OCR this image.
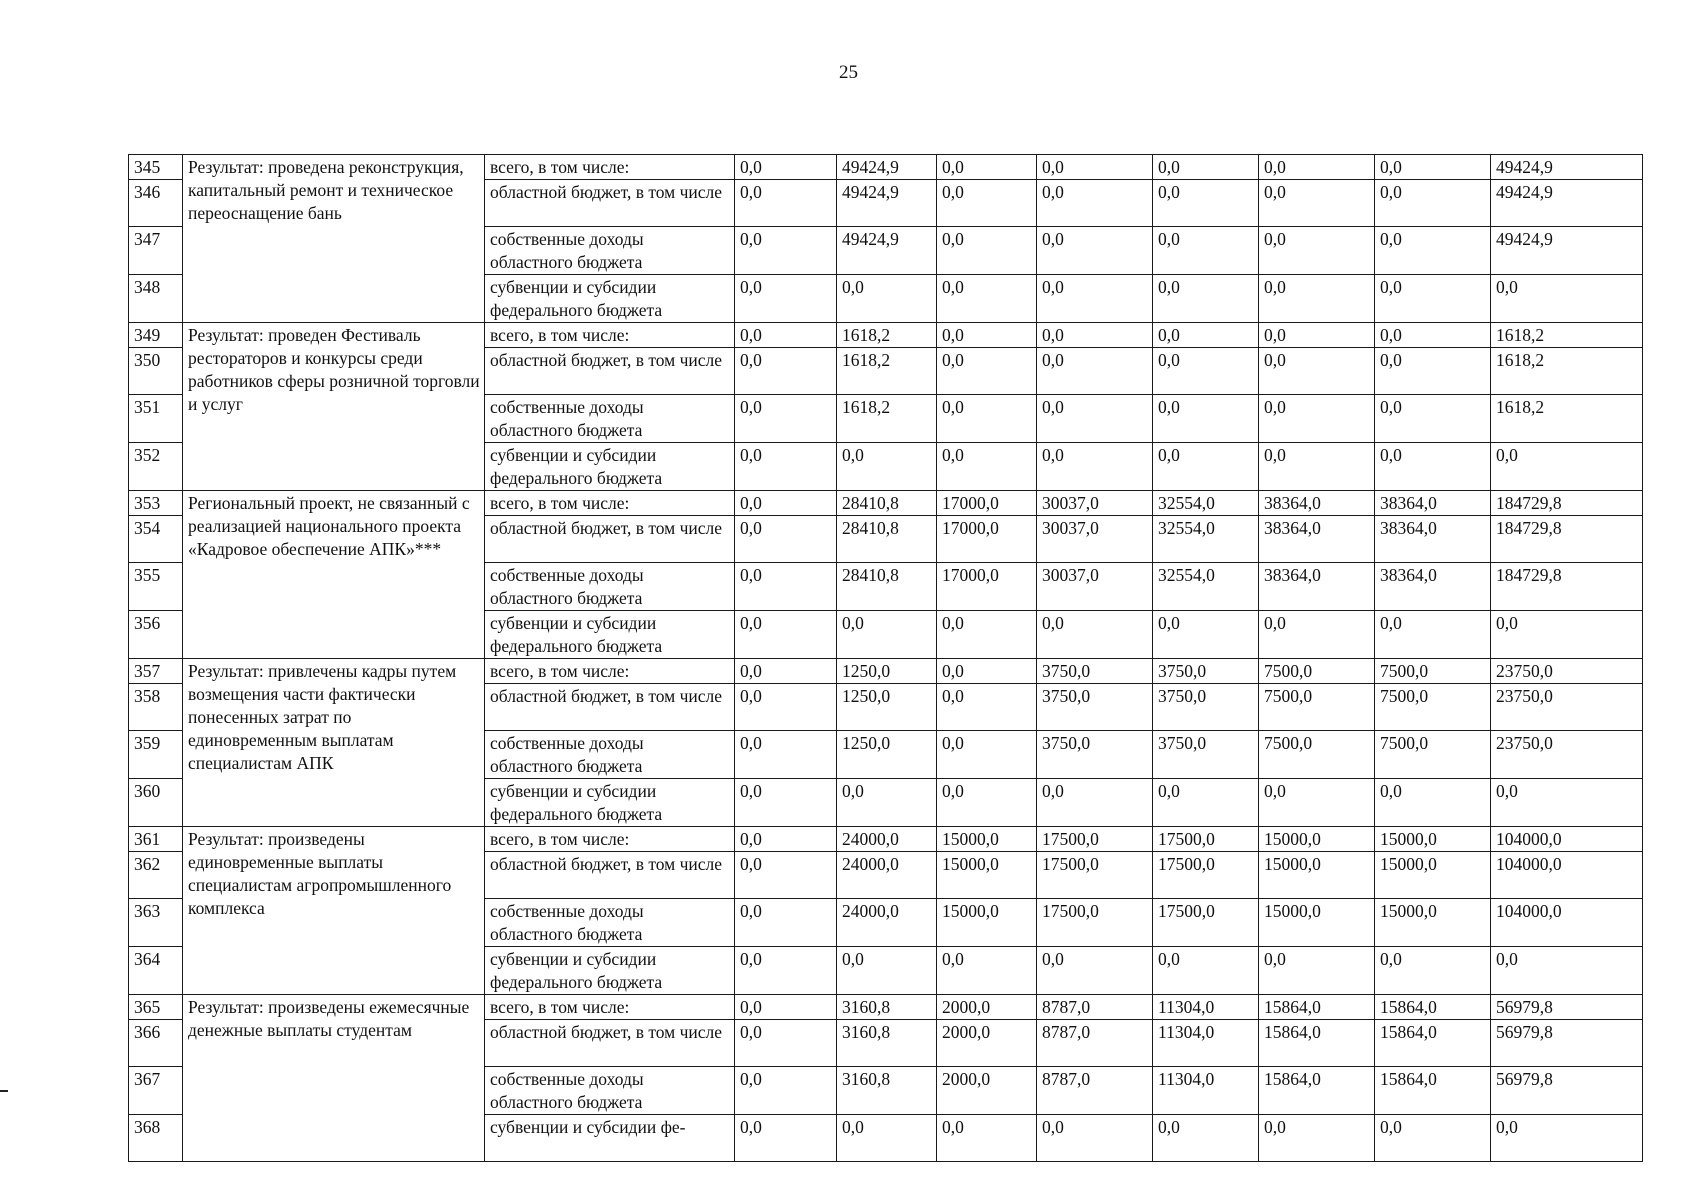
25
345	Результат: проведена реконструкция, капитальный ремонт и техническое переоснащение бань	всего, в том числе:	0,0	49424,9	0,0	0,0	0,0	0,0	0,0	49424,9
346		областной бюджет, в том числе	0,0	49424,9	0,0	0,0	0,0	0,0	0,0	49424,9
347		собственные доходы областного бюджета	0,0	49424,9	0,0	0,0	0,0	0,0	0,0	49424,9
348		субвенции и субсидии федерального бюджета	0,0	0,0	0,0	0,0	0,0	0,0	0,0	0,0
349	Результат: проведен Фестиваль рестораторов и конкурсы среди работников сферы розничной торговли и услуг	всего, в том числе:	0,0	1618,2	0,0	0,0	0,0	0,0	0,0	1618,2
350		областной бюджет, в том числе	0,0	1618,2	0,0	0,0	0,0	0,0	0,0	1618,2
351		собственные доходы областного бюджета	0,0	1618,2	0,0	0,0	0,0	0,0	0,0	1618,2
352		субвенции и субсидии федерального бюджета	0,0	0,0	0,0	0,0	0,0	0,0	0,0	0,0
353	Региональный проект, не связанный с реализацией национального проекта «Кадровое обеспечение АПК»***	всего, в том числе:	0,0	28410,8	17000,0	30037,0	32554,0	38364,0	38364,0	184729,8
354		областной бюджет, в том числе	0,0	28410,8	17000,0	30037,0	32554,0	38364,0	38364,0	184729,8
355		собственные доходы областного бюджета	0,0	28410,8	17000,0	30037,0	32554,0	38364,0	38364,0	184729,8
356		субвенции и субсидии федерального бюджета	0,0	0,0	0,0	0,0	0,0	0,0	0,0	0,0
357	Результат: привлечены кадры путем возмещения части фактически понесенных затрат по единовременным выплатам специалистам АПК	всего, в том числе:	0,0	1250,0	0,0	3750,0	3750,0	7500,0	7500,0	23750,0
358		областной бюджет, в том числе	0,0	1250,0	0,0	3750,0	3750,0	7500,0	7500,0	23750,0
359		собственные доходы областного бюджета	0,0	1250,0	0,0	3750,0	3750,0	7500,0	7500,0	23750,0
360		субвенции и субсидии федерального бюджета	0,0	0,0	0,0	0,0	0,0	0,0	0,0	0,0
361	Результат: произведены единовременные выплаты специалистам агропромышленного комплекса	всего, в том числе:	0,0	24000,0	15000,0	17500,0	17500,0	15000,0	15000,0	104000,0
362		областной бюджет, в том числе	0,0	24000,0	15000,0	17500,0	17500,0	15000,0	15000,0	104000,0
363		собственные доходы областного бюджета	0,0	24000,0	15000,0	17500,0	17500,0	15000,0	15000,0	104000,0
364		субвенции и субсидии федерального бюджета	0,0	0,0	0,0	0,0	0,0	0,0	0,0	0,0
365	Результат: произведены ежемесячные денежные выплаты студентам	всего, в том числе:	0,0	3160,8	2000,0	8787,0	11304,0	15864,0	15864,0	56979,8
366		областной бюджет, в том числе	0,0	3160,8	2000,0	8787,0	11304,0	15864,0	15864,0	56979,8
367		собственные доходы областного бюджета	0,0	3160,8	2000,0	8787,0	11304,0	15864,0	15864,0	56979,8
368		субвенции и субсидии фе-	0,0	0,0	0,0	0,0	0,0	0,0	0,0	0,0
